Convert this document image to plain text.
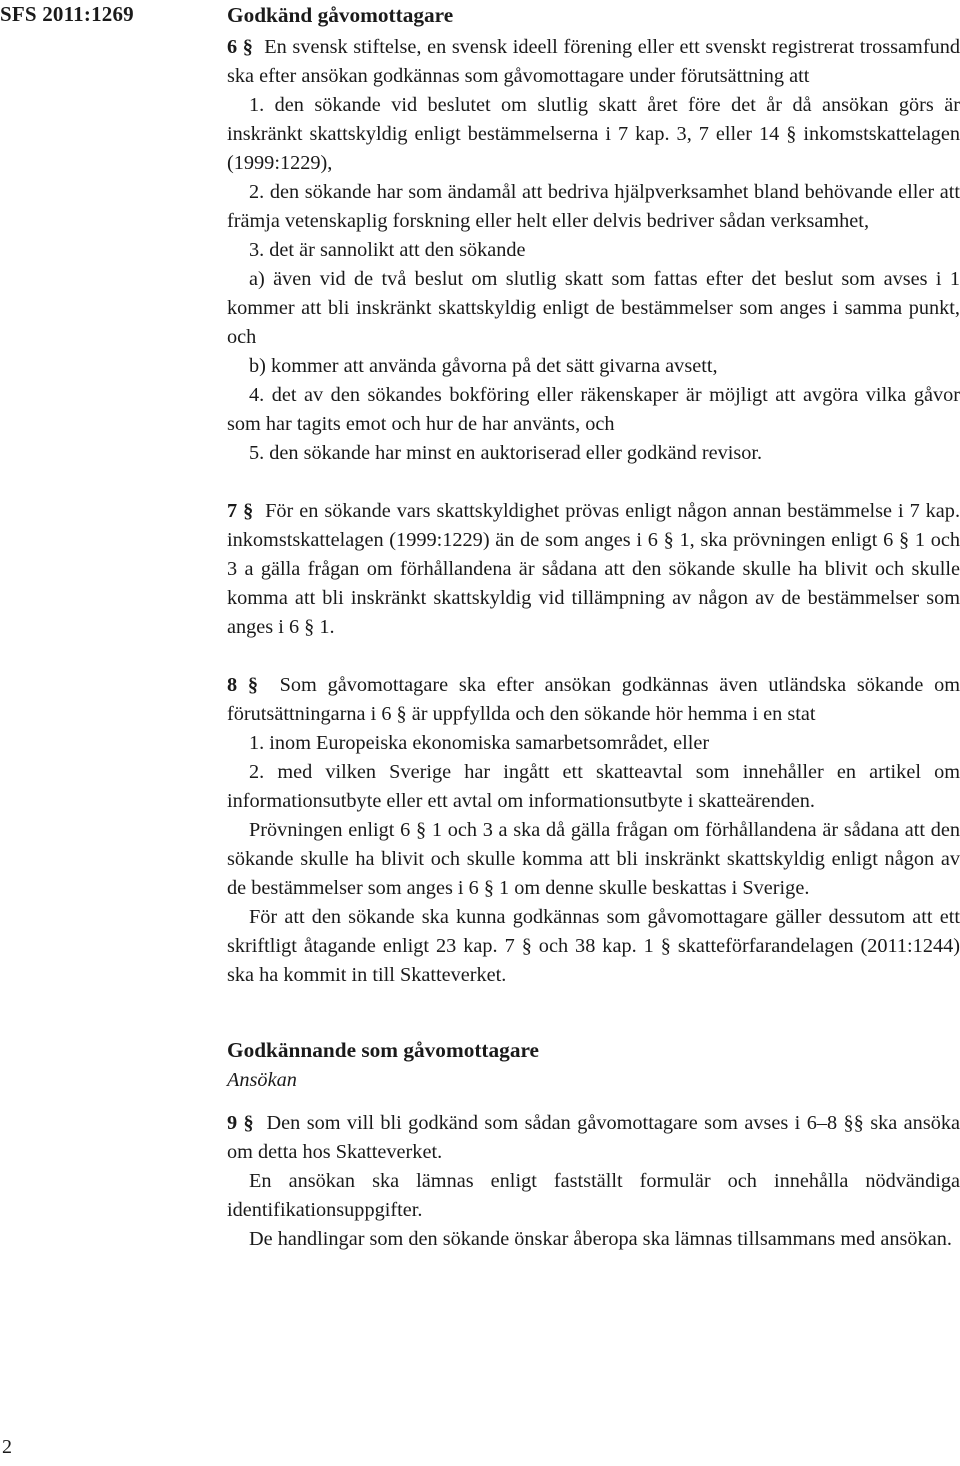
SFS 2011:1269
2

Godkänd gåvomottagare

6 § En svensk stiftelse, en svensk ideell förening eller ett svenskt registrerat trossamfund ska efter ansökan godkännas som gåvomottagare under förutsättning att

1. den sökande vid beslutet om slutlig skatt året före det år då ansökan görs är inskränkt skattskyldig enligt bestämmelserna i 7 kap. 3, 7 eller 14 § inkomstskattelagen (1999:1229),

2. den sökande har som ändamål att bedriva hjälpverksamhet bland behövande eller att främja vetenskaplig forskning eller helt eller delvis bedriver sådan verksamhet,

3. det är sannolikt att den sökande

a) även vid de två beslut om slutlig skatt som fattas efter det beslut som avses i 1 kommer att bli inskränkt skattskyldig enligt de bestämmelser som anges i samma punkt, och

b) kommer att använda gåvorna på det sätt givarna avsett,

4. det av den sökandes bokföring eller räkenskaper är möjligt att avgöra vilka gåvor som har tagits emot och hur de har använts, och

5. den sökande har minst en auktoriserad eller godkänd revisor.

7 § För en sökande vars skattskyldighet prövas enligt någon annan bestämmelse i 7 kap. inkomstskattelagen (1999:1229) än de som anges i 6 § 1, ska prövningen enligt 6 § 1 och 3 a gälla frågan om förhållandena är sådana att den sökande skulle ha blivit och skulle komma att bli inskränkt skattskyldig vid tillämpning av någon av de bestämmelser som anges i 6 § 1.

8 § Som gåvomottagare ska efter ansökan godkännas även utländska sökande om förutsättningarna i 6 § är uppfyllda och den sökande hör hemma i en stat

1. inom Europeiska ekonomiska samarbetsområdet, eller

2. med vilken Sverige har ingått ett skatteavtal som innehåller en artikel om informationsutbyte eller ett avtal om informationsutbyte i skatteärenden.

Prövningen enligt 6 § 1 och 3 a ska då gälla frågan om förhållandena är sådana att den sökande skulle ha blivit och skulle komma att bli inskränkt skattskyldig enligt någon av de bestämmelser som anges i 6 § 1 om denne skulle beskattas i Sverige.

För att den sökande ska kunna godkännas som gåvomottagare gäller dessutom att ett skriftligt åtagande enligt 23 kap. 7 § och 38 kap. 1 § skatteförfarandelagen (2011:1244) ska ha kommit in till Skatteverket.

Godkännande som gåvomottagare

Ansökan

9 § Den som vill bli godkänd som sådan gåvomottagare som avses i 6–8 §§ ska ansöka om detta hos Skatteverket.

En ansökan ska lämnas enligt fastställt formulär och innehålla nödvändiga identifikationsuppgifter.

De handlingar som den sökande önskar åberopa ska lämnas tillsammans med ansökan.
